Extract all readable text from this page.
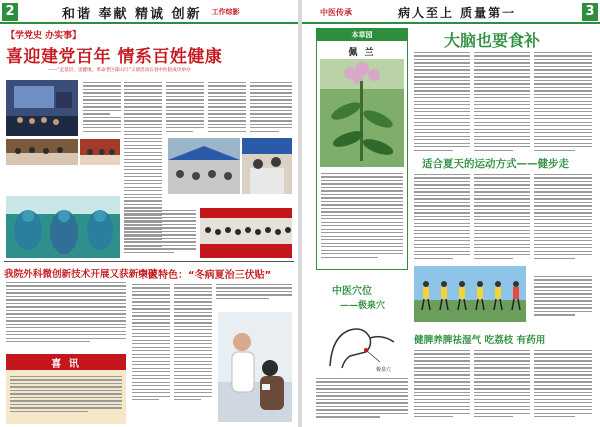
2	和谐 奉献 精诚 创新 工作综影
【学党史 办实事】
喜迎建党百年 情系百姓健康
——“走基层、送健康，革命老区霍山行”义诊活动在县中医院成功举办
我院外科微创新技术开展又获新突破
喜 讯
中医特色：“冬病夏治三伏贴”
中医传承	病人至上 质量第一	3
本草园
佩 兰
大脑也要食补
适合夏天的运动方式——健步走
中医穴位
——极泉穴
极泉穴
健脾养脾祛湿气 吃荔枝 有药用
